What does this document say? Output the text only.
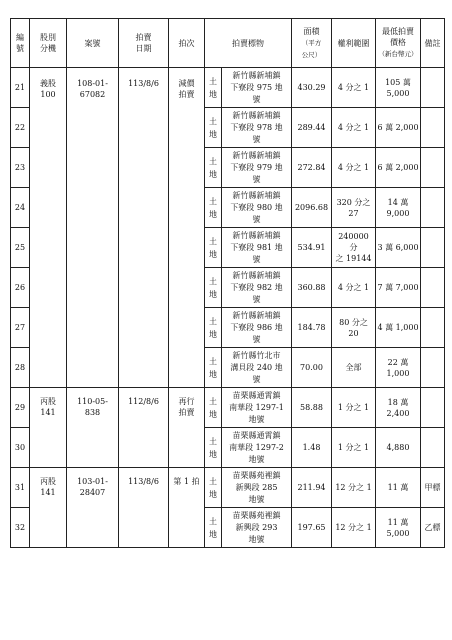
編
號	股別
分機	案號	拍賣
日期	拍次	拍賣標物		面積
（平方
公尺）	權利範圍	最低拍賣
價格
（新台幣元）	備註
21	義股
100	108-01-
67082	113/8/6	減價
拍賣	土
地	新竹縣新埔鎮
下寮段 975 地
號	430.29	4 分之 1	105 萬
5,000	
22					土
地	新竹縣新埔鎮
下寮段 978 地
號	289.44	4 分之 1	6 萬 2,000	
23					土
地	新竹縣新埔鎮
下寮段 979 地
號	272.84	4 分之 1	6 萬 2,000	
24					土
地	新竹縣新埔鎮
下寮段 980 地
號	2096.68	320 分之
27	14 萬 9,000	
25					土
地	新竹縣新埔鎮
下寮段 981 地
號	534.91	240000 分
之 19144	3 萬 6,000	
26					土
地	新竹縣新埔鎮
下寮段 982 地
號	360.88	4 分之 1	7 萬 7,000	
27					土
地	新竹縣新埔鎮
下寮段 986 地
號	184.78	80 分之
20	4 萬 1,000	
28					土
地	新竹縣竹北市
溝貝段 240 地
號	70.00	全部	22 萬 1,000	
29	丙股
141	110-05-
838	112/8/6	再行
拍賣	土
地	苗栗縣通霄鎮
南華段 1297-1
地號	58.88	1 分之 1	18 萬 2,400	
30					土
地	苗栗縣通霄鎮
南華段 1297-2
地號	1.48	1 分之 1	4,880	
31	丙股
141	103-01-
28407	113/8/6	第 1 拍	土
地	苗栗縣苑裡鎮
新興段 285
地號	211.94	12 分之 1	11 萬	甲標
32					土
地	苗栗縣苑裡鎮
新興段 293
地號	197.65	12 分之 1	11 萬 5,000	乙標
